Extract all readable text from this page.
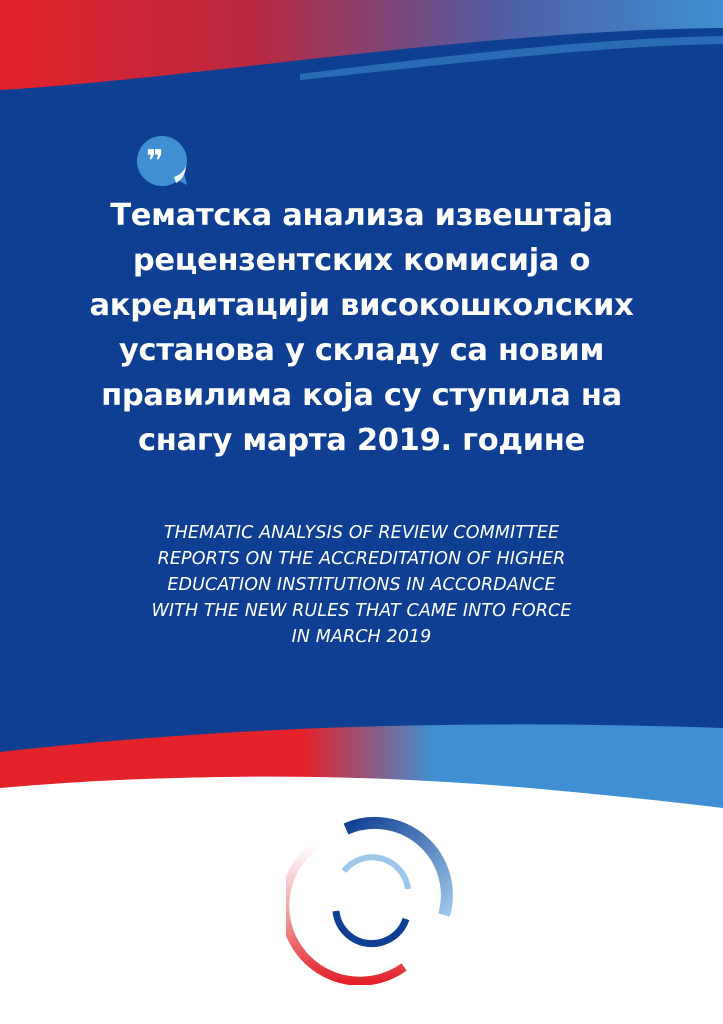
❞
Тематска анализа извештаја
рецензентских комисија о
акредитацији високошколских
установа у складу са новим
правилима која су ступила на
снагу марта 2019. године
THEMATIC ANALYSIS OF REVIEW COMMITTEE
REPORTS ON THE ACCREDITATION OF HIGHER
EDUCATION INSTITUTIONS IN ACCORDANCE
WITH THE NEW RULES THAT CAME INTO FORCE
IN MARCH 2019
